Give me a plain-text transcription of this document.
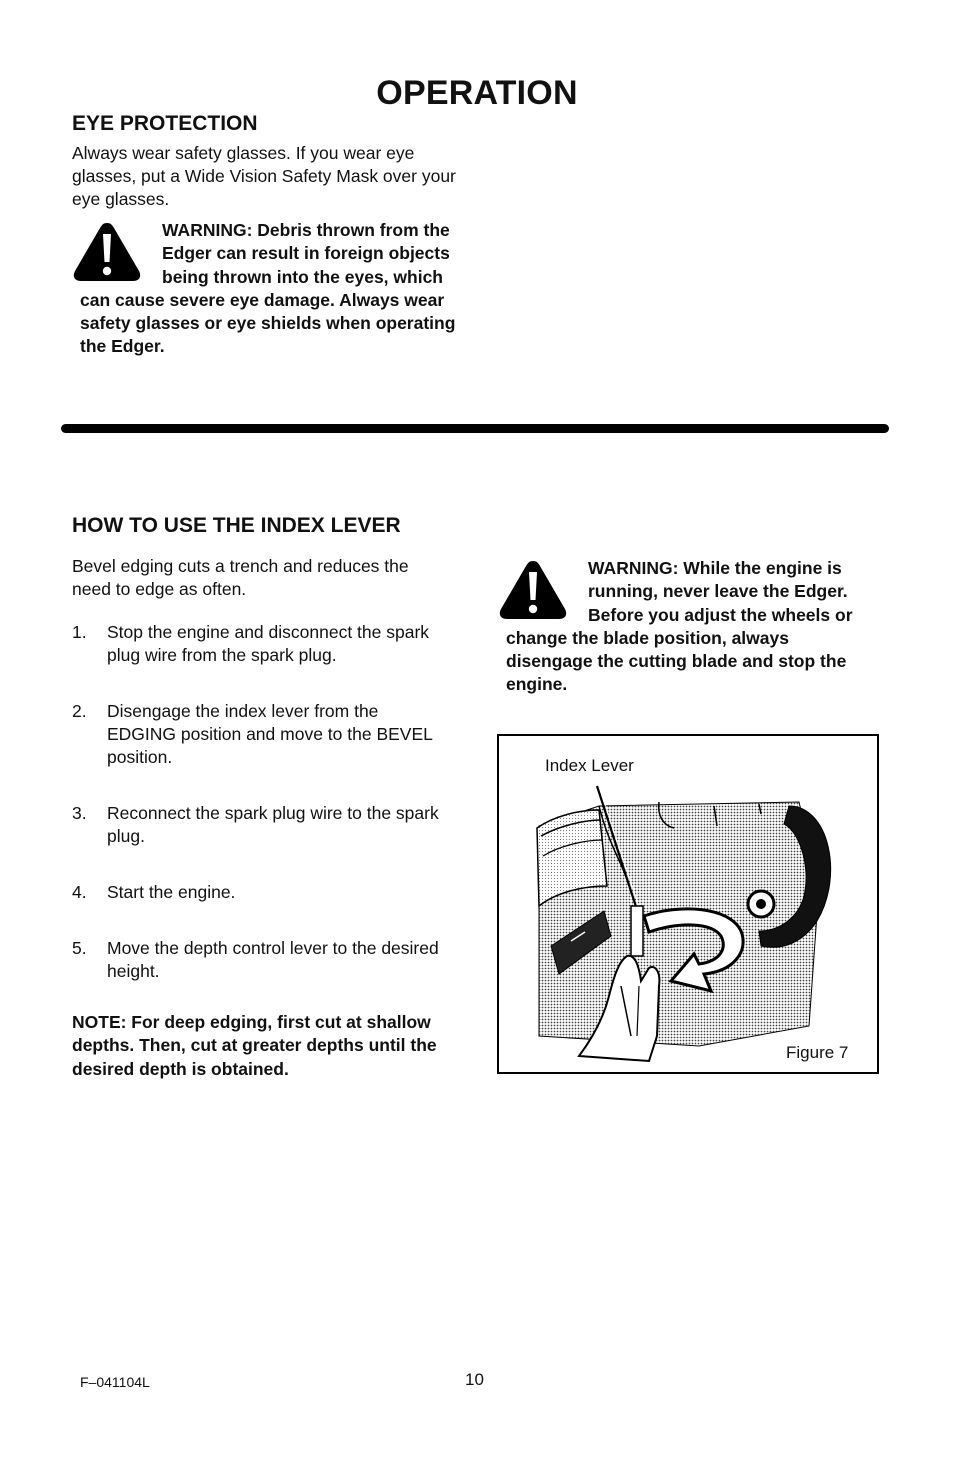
OPERATION
EYE PROTECTION
Always wear safety glasses. If you wear eye glasses, put a Wide Vision Safety Mask over your eye glasses.
WARNING: Debris thrown from the Edger can result in foreign objects being thrown into the eyes, which can cause severe eye damage. Always wear safety glasses or eye shields when operating the Edger.
HOW TO USE THE INDEX LEVER
Bevel edging cuts a trench and reduces the need to edge as often.
1. Stop the engine and disconnect the spark plug wire from the spark plug.
2. Disengage the index lever from the EDGING position and move to the BEVEL position.
3. Reconnect the spark plug wire to the spark plug.
4. Start the engine.
5. Move the depth control lever to the desired height.
NOTE: For deep edging, first cut at shallow depths. Then, cut at greater depths until the desired depth is obtained.
WARNING: While the engine is running, never leave the Edger. Before you adjust the wheels or change the blade position, always disengage the cutting blade and stop the engine.
Index Lever
Figure 7
F–041104L	10
